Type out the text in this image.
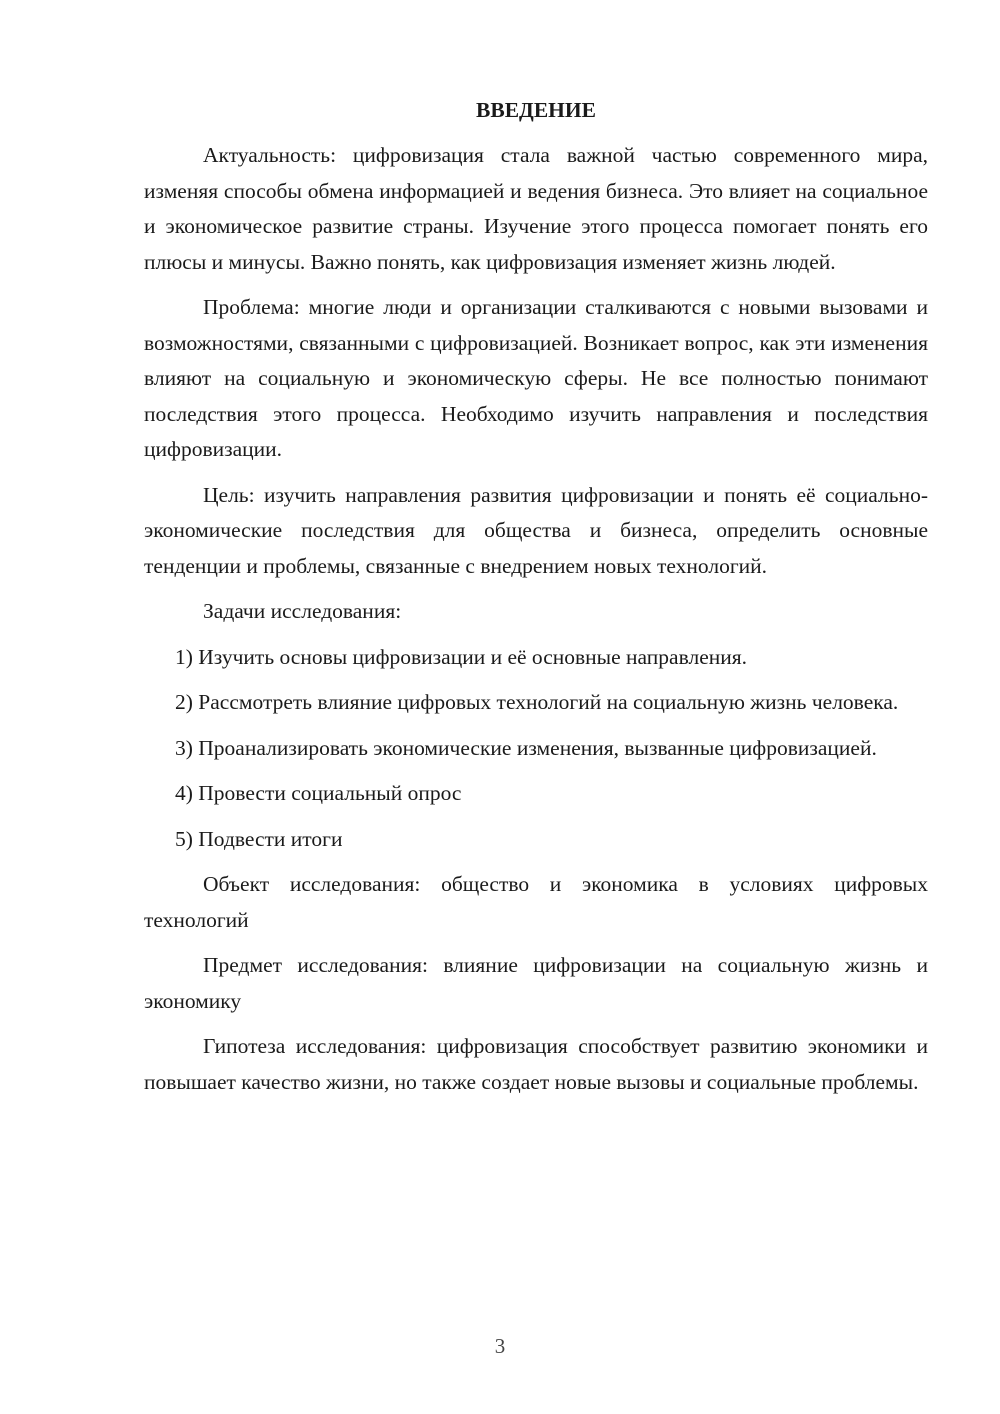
ВВЕДЕНИЕ

Актуальность: цифровизация стала важной частью современного мира, изменяя способы обмена информацией и ведения бизнеса. Это влияет на социальное и экономическое развитие страны. Изучение этого процесса помогает понять его плюсы и минусы. Важно понять, как цифровизация изменяет жизнь людей.

Проблема: многие люди и организации сталкиваются с новыми вызовами и возможностями, связанными с цифровизацией. Возникает вопрос, как эти изменения влияют на социальную и экономическую сферы. Не все полностью понимают последствия этого процесса. Необходимо изучить направления и последствия цифровизации.

Цель: изучить направления развития цифровизации и понять её социально-экономические последствия для общества и бизнеса, определить основные тенденции и проблемы, связанные с внедрением новых технологий.

Задачи исследования:

1) Изучить основы цифровизации и её основные направления.

2) Рассмотреть влияние цифровых технологий на социальную жизнь человека.

3) Проанализировать экономические изменения, вызванные цифровизацией.

4) Провести социальный опрос

5) Подвести итоги

Объект исследования: общество и экономика в условиях цифровых технологий

Предмет исследования: влияние цифровизации на социальную жизнь и экономику

Гипотеза исследования: цифровизация способствует развитию экономики и повышает качество жизни, но также создает новые вызовы и социальные проблемы.

3
